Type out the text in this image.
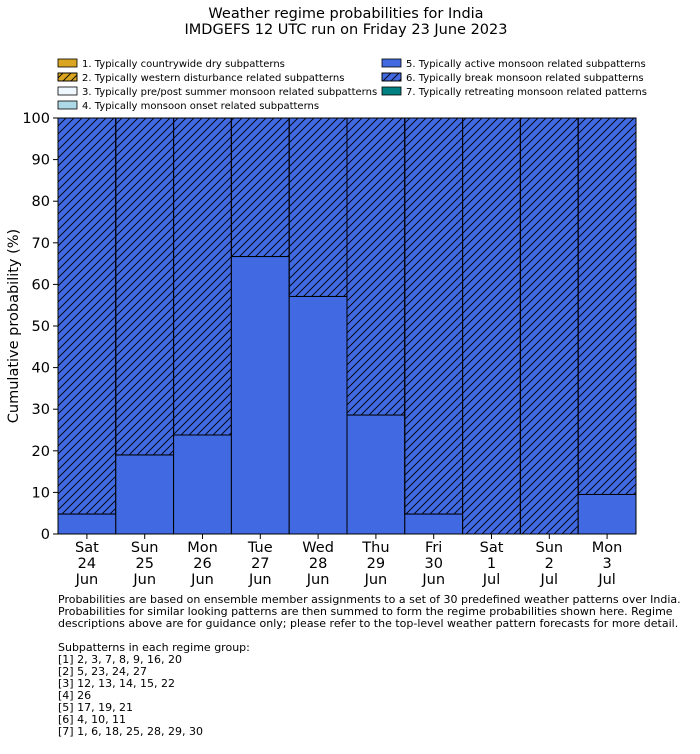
Weather regime probabilities for India
IMDGEFS 12 UTC run on Friday 23 June 2023
1. Typically countrywide dry subpatterns
2. Typically western disturbance related subpatterns
3. Typically pre/post summer monsoon related subpatterns
4. Typically monsoon onset related subpatterns
5. Typically active monsoon related subpatterns
6. Typically break monsoon related subpatterns
7. Typically retreating monsoon related patterns
0
10
20
30
40
50
60
70
80
90
100
Sat
24
Jun
Sun
25
Jun
Mon
26
Jun
Tue
27
Jun
Wed
28
Jun
Thu
29
Jun
Fri
30
Jun
Sat
1
Jul
Sun
2
Jul
Mon
3
Jul
Cumulative probability (%)
Probabilities are based on ensemble member assignments to a set of 30 predefined weather patterns over India.
Probabilities for similar looking patterns are then summed to form the regime probabilities shown here. Regime
descriptions above are for guidance only; please refer to the top-level weather pattern forecasts for more detail.
Subpatterns in each regime group:
[1] 2, 3, 7, 8, 9, 16, 20
[2] 5, 23, 24, 27
[3] 12, 13, 14, 15, 22
[4] 26
[5] 17, 19, 21
[6] 4, 10, 11
[7] 1, 6, 18, 25, 28, 29, 30
